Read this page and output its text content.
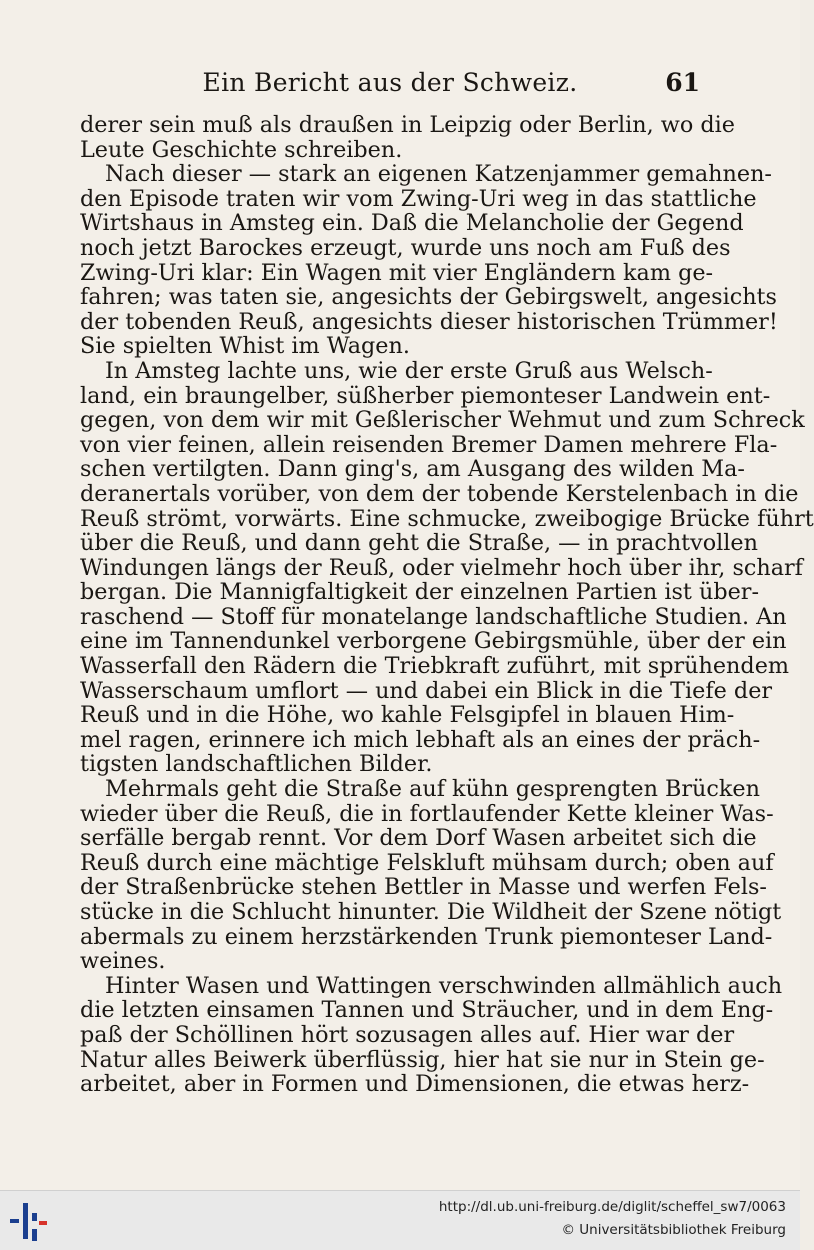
Ein Bericht aus der Schweiz.	61
derer sein muß als draußen in Leipzig oder Berlin, wo die
Leute Geschichte schreiben.
Nach dieser — stark an eigenen Katzenjammer gemahnen-
den Episode traten wir vom Zwing-Uri weg in das stattliche
Wirtshaus in Amsteg ein. Daß die Melancholie der Gegend
noch jetzt Barockes erzeugt, wurde uns noch am Fuß des
Zwing-Uri klar: Ein Wagen mit vier Engländern kam ge-
fahren; was taten sie, angesichts der Gebirgswelt, angesichts
der tobenden Reuß, angesichts dieser historischen Trümmer!
Sie spielten Whist im Wagen.
In Amsteg lachte uns, wie der erste Gruß aus Welsch-
land, ein braungelber, süßherber piemonteser Landwein ent-
gegen, von dem wir mit Geßlerischer Wehmut und zum Schreck
von vier feinen, allein reisenden Bremer Damen mehrere Fla-
schen vertilgten. Dann ging's, am Ausgang des wilden Ma-
deranertals vorüber, von dem der tobende Kerstelenbach in die
Reuß strömt, vorwärts. Eine schmucke, zweibogige Brücke führt
über die Reuß, und dann geht die Straße, — in prachtvollen
Windungen längs der Reuß, oder vielmehr hoch über ihr, scharf
bergan. Die Mannigfaltigkeit der einzelnen Partien ist über-
raschend — Stoff für monatelange landschaftliche Studien. An
eine im Tannendunkel verborgene Gebirgsmühle, über der ein
Wasserfall den Rädern die Triebkraft zuführt, mit sprühendem
Wasserschaum umflort — und dabei ein Blick in die Tiefe der
Reuß und in die Höhe, wo kahle Felsgipfel in blauen Him-
mel ragen, erinnere ich mich lebhaft als an eines der präch-
tigsten landschaftlichen Bilder.
Mehrmals geht die Straße auf kühn gesprengten Brücken
wieder über die Reuß, die in fortlaufender Kette kleiner Was-
serfälle bergab rennt. Vor dem Dorf Wasen arbeitet sich die
Reuß durch eine mächtige Felskluft mühsam durch; oben auf
der Straßenbrücke stehen Bettler in Masse und werfen Fels-
stücke in die Schlucht hinunter. Die Wildheit der Szene nötigt
abermals zu einem herzstärkenden Trunk piemonteser Land-
weines.
Hinter Wasen und Wattingen verschwinden allmählich auch
die letzten einsamen Tannen und Sträucher, und in dem Eng-
paß der Schöllinen hört sozusagen alles auf. Hier war der
Natur alles Beiwerk überflüssig, hier hat sie nur in Stein ge-
arbeitet, aber in Formen und Dimensionen, die etwas herz-
http://dl.ub.uni-freiburg.de/diglit/scheffel_sw7/0063
© Universitätsbibliothek Freiburg
